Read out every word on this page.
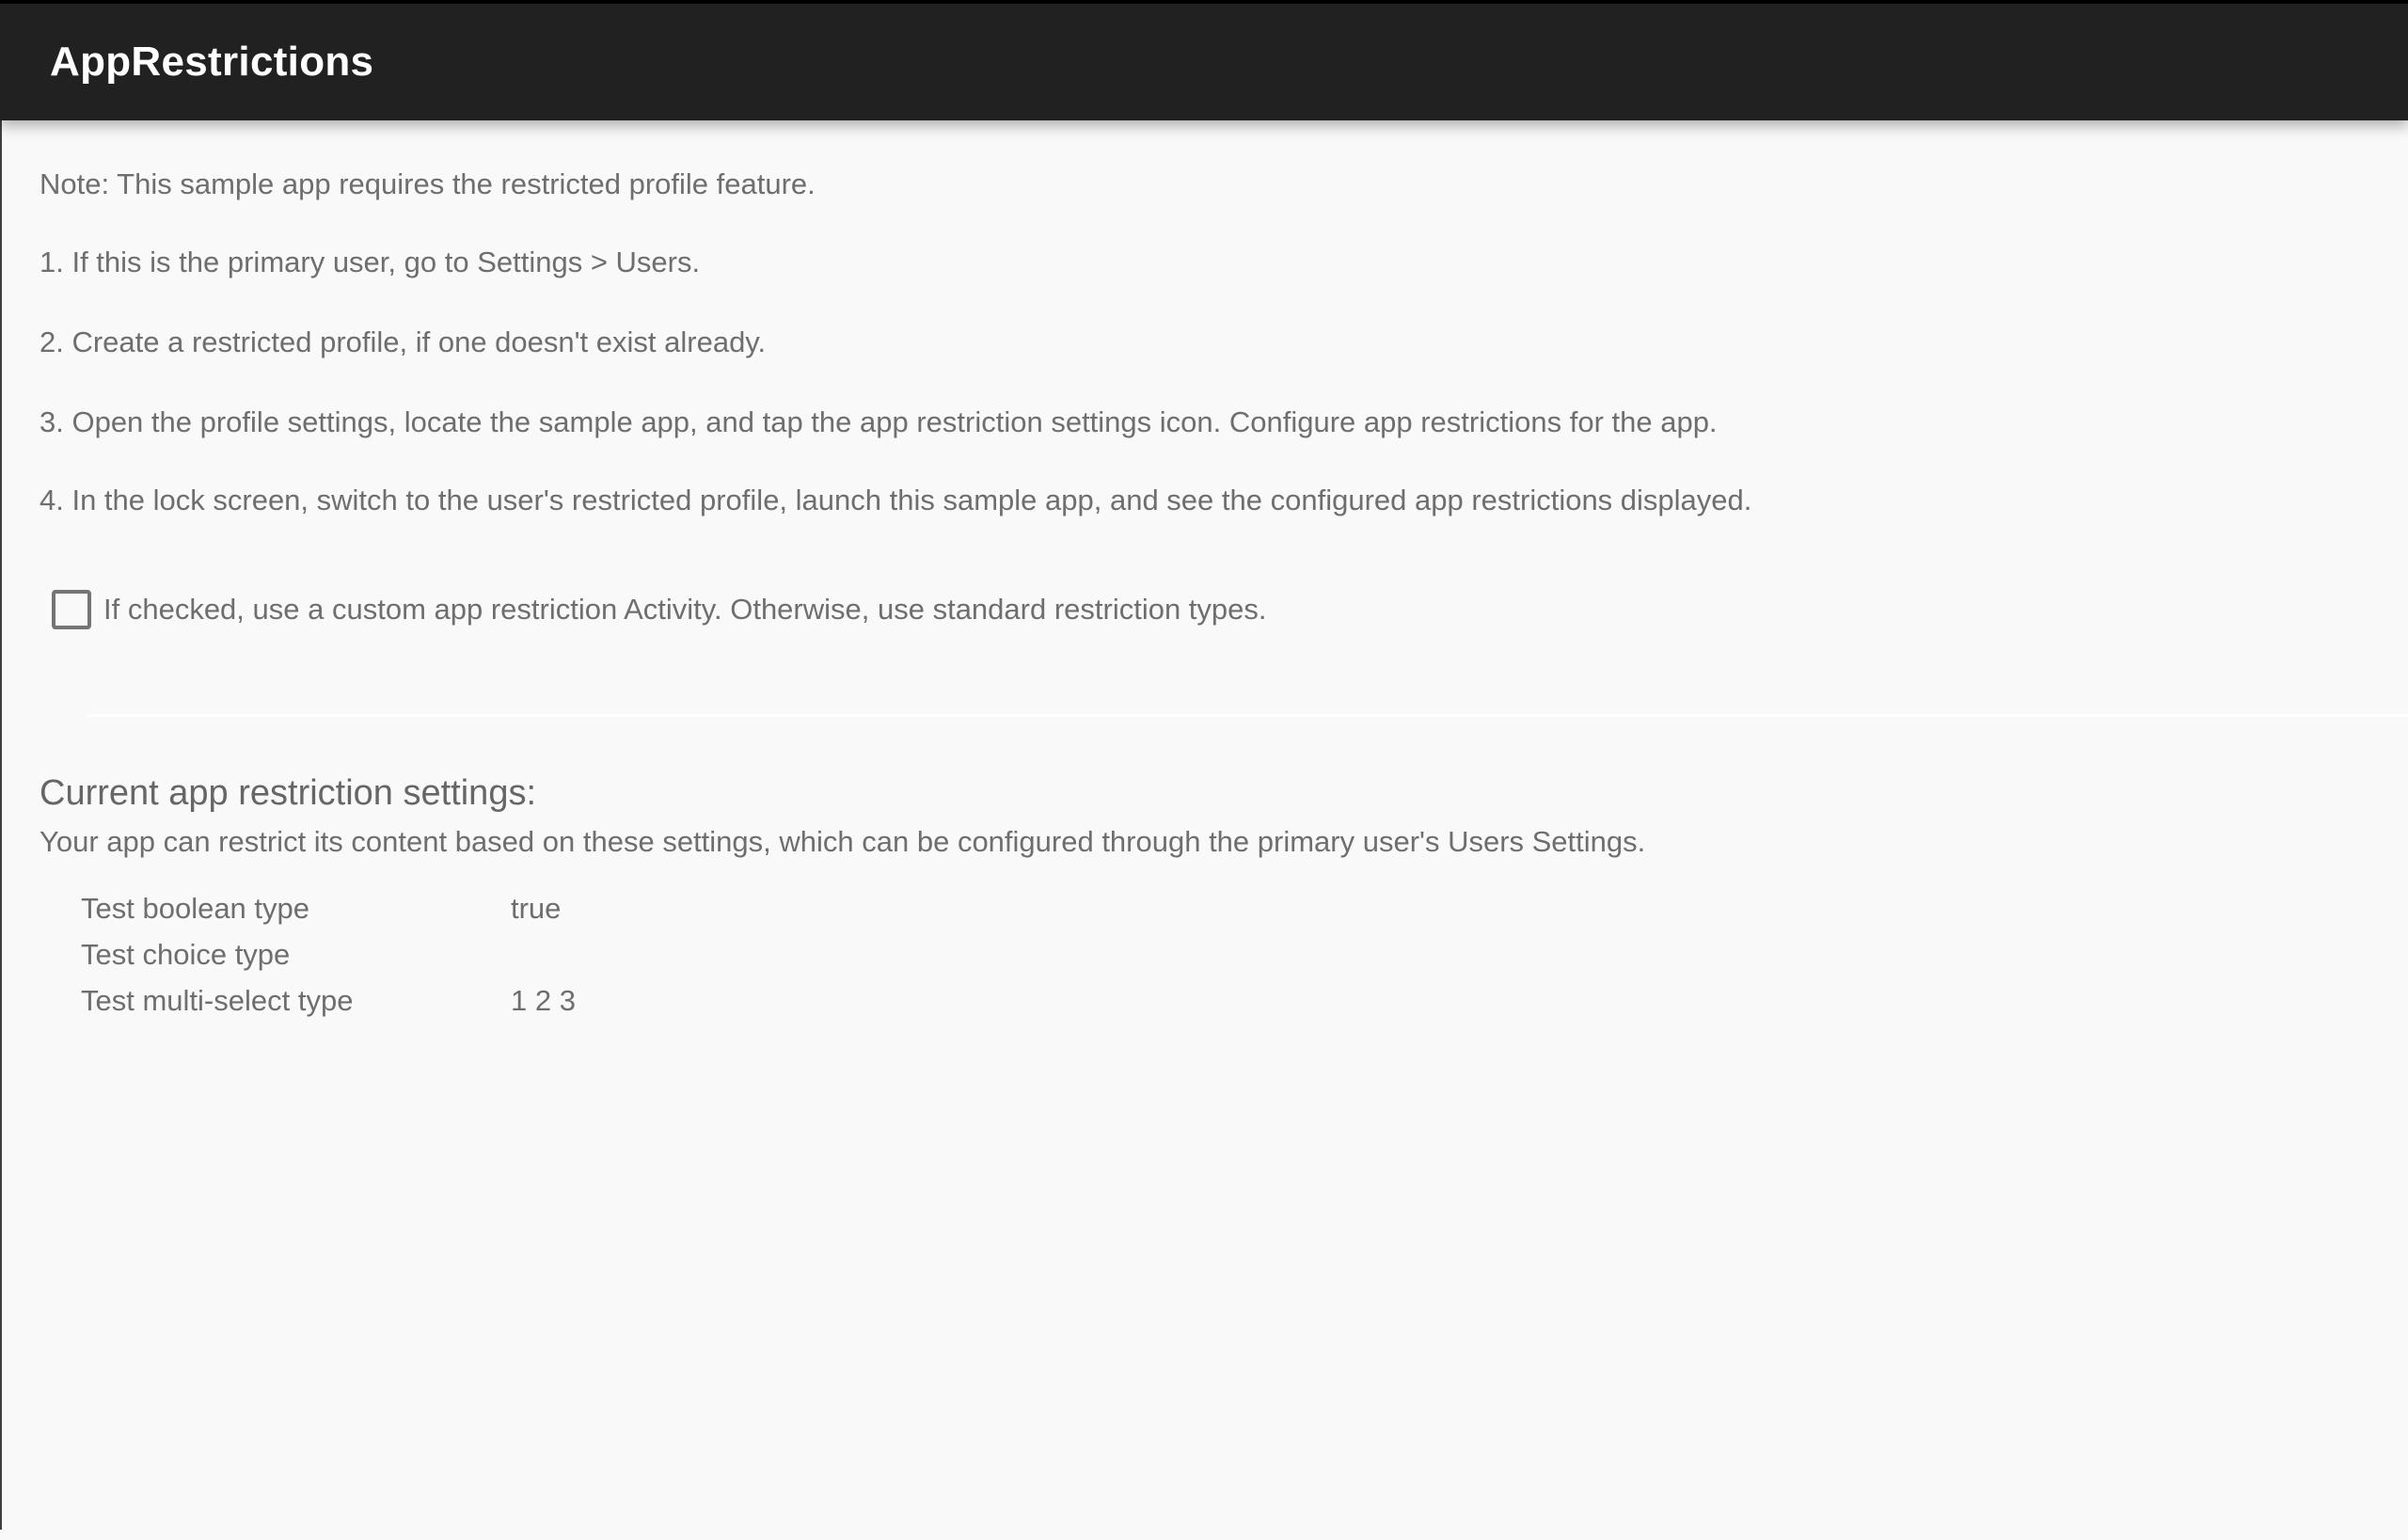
AppRestrictions
Note: This sample app requires the restricted profile feature.
1. If this is the primary user, go to Settings > Users.
2. Create a restricted profile, if one doesn't exist already.
3. Open the profile settings, locate the sample app, and tap the app restriction settings icon. Configure app restrictions for the app.
4. In the lock screen, switch to the user's restricted profile, launch this sample app, and see the configured app restrictions displayed.
If checked, use a custom app restriction Activity. Otherwise, use standard restriction types.
Current app restriction settings:
Your app can restrict its content based on these settings, which can be configured through the primary user's Users Settings.
Test boolean type	true
Test choice type
Test multi-select type	1 2 3
